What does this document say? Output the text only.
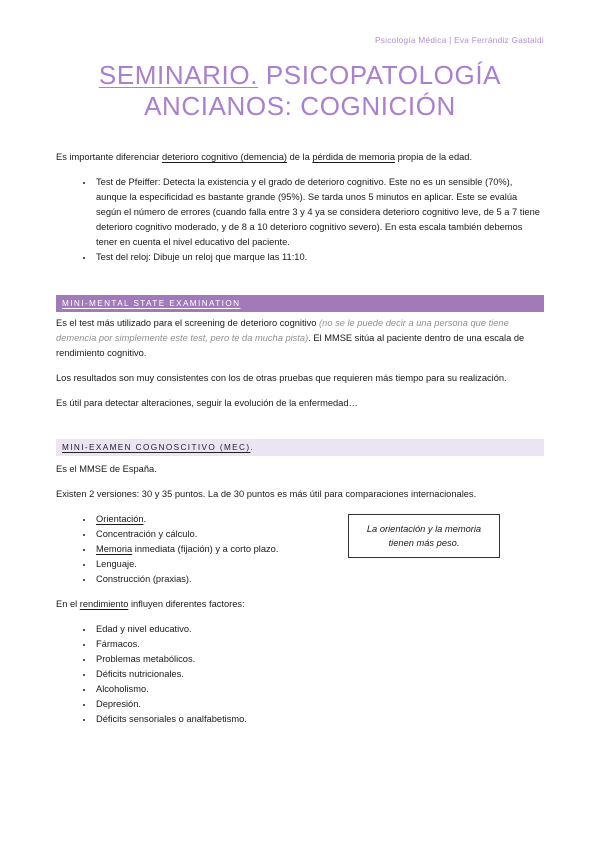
Psicología Médica | Eva Ferrándiz Gastaldi
SEMINARIO. PSICOPATOLOGÍA
ANCIANOS: COGNICIÓN

Es importante diferenciar deterioro cognitivo (demencia) de la pérdida de memoria propia de la edad.

• Test de Pfeiffer: Detecta la existencia y el grado de deterioro cognitivo. Este no es un sensible (70%), aunque la especificidad es bastante grande (95%). Se tarda unos 5 minutos en aplicar. Este se evalúa según el número de errores (cuando falla entre 3 y 4 ya se considera deterioro cognitivo leve, de 5 a 7 tiene deterioro cognitivo moderado, y de 8 a 10 deterioro cognitivo severo). En esta escala también debemos tener en cuenta el nivel educativo del paciente.
• Test del reloj: Dibuje un reloj que marque las 11:10.
MINI-MENTAL STATE EXAMINATION

Es el test más utilizado para el screening de deterioro cognitivo (no se le puede decir a una persona que tiene demencia por simplemente este test, pero te da mucha pista). El MMSE sitúa al paciente dentro de una escala de rendimiento cognitivo.

Los resultados son muy consistentes con los de otras pruebas que requieren más tiempo para su realización.

Es útil para detectar alteraciones, seguir la evolución de la enfermedad…

MINI-EXAMEN COGNOSCITIVO (MEC).

Es el MMSE de España.

Existen 2 versiones: 30 y 35 puntos. La de 30 puntos es más útil para comparaciones internacionales.

• Orientación.
• Concentración y cálculo.
• Memoria inmediata (fijación) y a corto plazo.
• Lenguaje.
• Construcción (praxias).
La orientación y la memoria tienen más peso.

En el rendimiento influyen diferentes factores:

• Edad y nivel educativo.
• Fármacos.
• Problemas metabólicos.
• Déficits nutricionales.
• Alcoholismo.
• Depresión.
• Déficits sensoriales o analfabetismo.
